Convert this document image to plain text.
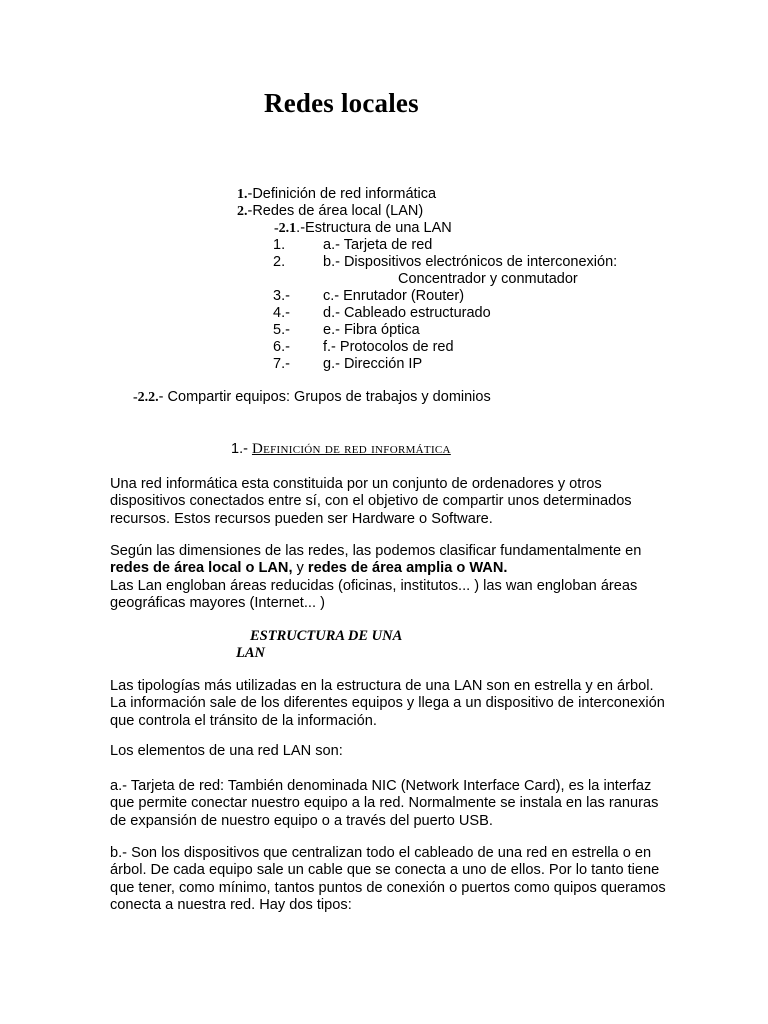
Redes locales
1.-Definición de red informática
2.-Redes de área local (LAN)
-2.1.-Estructura de una LAN
1.	a.- Tarjeta de red
2.	b.- Dispositivos electrónicos de interconexión:
Concentrador y conmutador
3.- c.- Enrutador (Router)
4.- d.- Cableado estructurado
5.- e.- Fibra óptica
6.- f.- Protocolos de red
7.- g.- Dirección IP
-2.2.- Compartir equipos: Grupos de trabajos y dominios
1.- Definición de red informática

Una red informática esta constituida por un conjunto de ordenadores y otros dispositivos conectados entre sí, con el objetivo de compartir unos determinados recursos. Estos recursos pueden ser Hardware o Software.

Según las dimensiones de las redes, las podemos clasificar fundamentalmente en redes de área local o LAN, y redes de área amplia o WAN.

Las Lan engloban áreas reducidas (oficinas, institutos... ) las wan engloban áreas geográficas mayores (Internet... )

ESTRUCTURA DE UNA
LAN

Las tipologías más utilizadas en la estructura de una LAN son en estrella y en árbol. La información sale de los diferentes equipos y llega a un dispositivo de interconexión que controla el tránsito de la información.

Los elementos de una red LAN son:

a.- Tarjeta de red: También denominada NIC (Network Interface Card), es la interfaz que permite conectar nuestro equipo a la red. Normalmente se instala en las ranuras de expansión de nuestro equipo o a través del puerto USB.

b.- Son los dispositivos que centralizan todo el cableado de una red en estrella o en árbol. De cada equipo sale un cable que se conecta a uno de ellos. Por lo tanto tiene que tener, como mínimo, tantos puntos de conexión o puertos como quipos queramos conecta a nuestra red. Hay dos tipos:
